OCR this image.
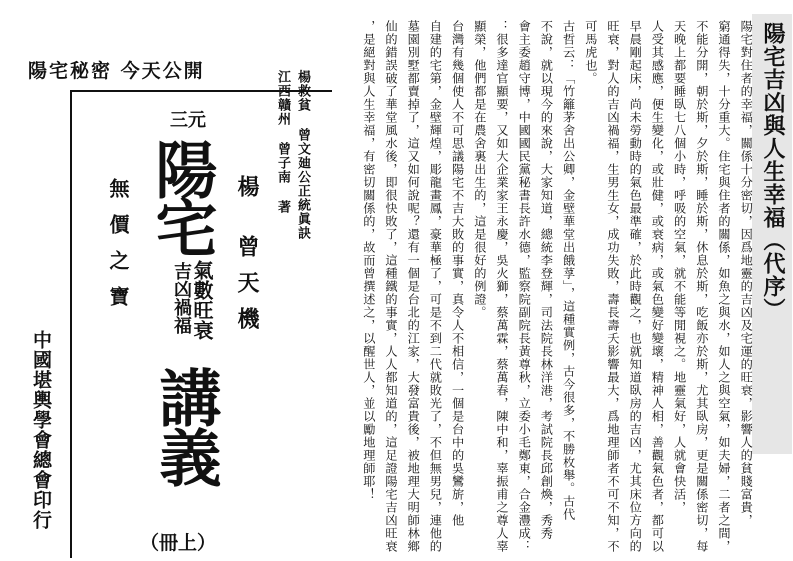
陽宅秘密 今天公開	楊救貧 曾文廸公正統眞訣
江西贛州 曾子南 著
楊
曾天機
三元
陽宅
氣數旺衰
吉凶禍福
講義
無價之寶
（冊上）
中國堪輿學會總會印行
陽宅吉凶與人生幸福（代序）
陽宅對住者的幸福，關係十分密切，因爲地靈的吉凶及宅運的旺衰，影響人的貧賤富貴，
窮通得失，十分重大。住宅與住者的關係，如魚之與水，如人之與空氣，如夫婦，二者之間，
不能分開，朝於斯，夕於斯，睡於斯，休息於斯，吃飯亦於斯，尤其臥房，更是關係密切，每
天晚上都要睡臥七八個小時，呼吸的空氣，就不能等閒視之。地靈氣好，人就會快活，
人受其感應，便生變化，或壯健，或衰病，或氣色變好變壞，精神人相，善觀氣色者，都可以
早晨剛起床，尚未勞動時的氣色最準確，於此時觀之，也就知道臥房的吉凶，尤其床位方向的
旺衰，對人的吉凶禍福，生男生女，成功失敗，壽長壽夭影響最大，爲地理師者不可不知，不
可馬虎也。
古哲云：「竹籬茅舍出公卿，金壁華堂出餓莩」，這種實例，古今很多，不勝枚舉。古代
不說，就以現今的來說，大家知道，總統李登輝，司法院長林洋港，考試院長邱創煥，秀秀
會主委趙守博，中國國民黨秘書長許水德，監察院副院長黃尊秋，立委小毛鄭東，合金灃成：
：很多達官顯要，又如大企業家王永慶，吳火獅，蔡萬霖，蔡萬春，陳中和，辜振甫之尊人辜
顯榮，他們都是在農舍裏出生的，這是很好的例證。
台灣有幾個使人不可思議陽宅不吉大敗的事實，真令人不相信，一個是台中的吳鸞旂，他
自建的宅第，金壁輝煌，彫龍畫鳳，豪華極了，可是不到二代就敗光了，不但無男兒，連他的
墓園別墅都賣掉了，這又如何說呢？還有一個是台北的江家，大發富貴後，被地理大明師林鄉
仙的錯誤破了華堂風水後，即很快敗了，這種鐵的事實，人人都知道的，這足證陽宅吉凶旺衰
，是絕對與人生幸福，有密切關係的，故而曾撰述之，以醒世人，並以勵地理師耶！
